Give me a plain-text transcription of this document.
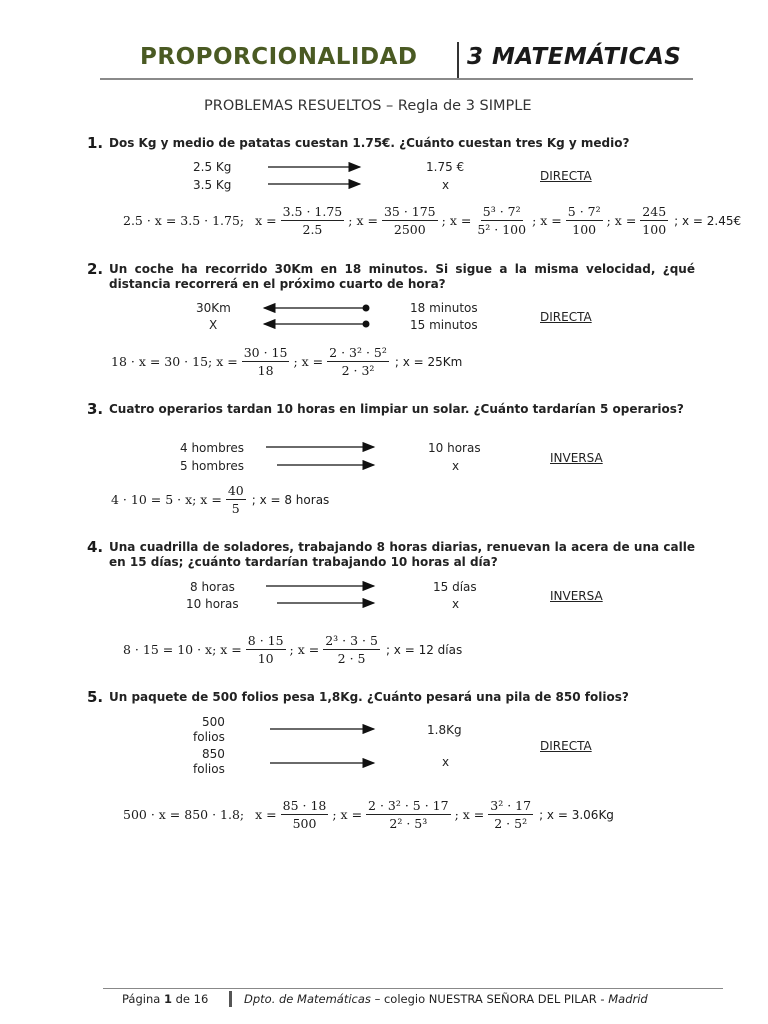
PROPORCIONALIDAD 3 MATEMÁTICAS
PROBLEMAS RESUELTOS – Regla de 3 SIMPLE
1. Dos Kg y medio de patatas cuestan 1.75€. ¿Cuánto cuestan tres Kg y medio?
2.5 Kg	1.75 €
3.5 Kg	x
DIRECTA
2.5 · x = 3.5 · 1.75; $x = \frac{3.5 \cdot 1.75}{2.5}$ ; $x = \frac{35 \cdot 175}{2500}$ ; $x = \frac{\text{5³ · 7²}}{\text{5² · 100}}$ ; $x = \frac{\text{5 · 7²}}{100}$ ; $x = \frac{245}{100}$ ; x = 2.45€
2. Un coche ha recorrido 30Km en 18 minutos. Si sigue a la misma velocidad, ¿qué distancia recorrerá en el próximo cuarto de hora?
30Km	18 minutos
X	15 minutos
DIRECTA
18 · x = 30 · 15; $x = \frac{30 \cdot 15}{18}$ ; $x = \frac{\text{2 · 3² · 5²}}{\text{2 · 3²}}$ ; x = 25Km
3. Cuatro operarios tardan 10 horas en limpiar un solar. ¿Cuánto tardarían 5 operarios?
4 hombres	10 horas
5 hombres	x
INVERSA
4 · 10 = 5 · x; $x = \frac{40}{5}$ ; x = 8 horas
4. Una cuadrilla de soladores, trabajando 8 horas diarias, renuevan la acera de una calle en 15 días; ¿cuánto tardarían trabajando 10 horas al día?
8 horas	15 días
10 horas	x
INVERSA
8 · 15 = 10 · x; $x = \frac{8 \cdot 15}{10}$ ; $x = \frac{\text{2³ · 3 · 5}}{2 \cdot 5}$ ; x = 12 días
5. Un paquete de 500 folios pesa 1,8Kg. ¿Cuánto pesará una pila de 850 folios?
500
folios	1.8Kg
850
folios	x
DIRECTA
500 · x = 850 · 1.8; $x = \frac{85 \cdot 18}{500}$ ; $x = \frac{\text{2 · 3² · 5 · 17}}{\text{2² · 5³}}$ ; $x = \frac{\text{3² · 17}}{\text{2 · 5²}}$ ; x = 3.06Kg
Página 1 de 16	Dpto. de Matemáticas – colegio NUESTRA SEÑORA DEL PILAR - Madrid
